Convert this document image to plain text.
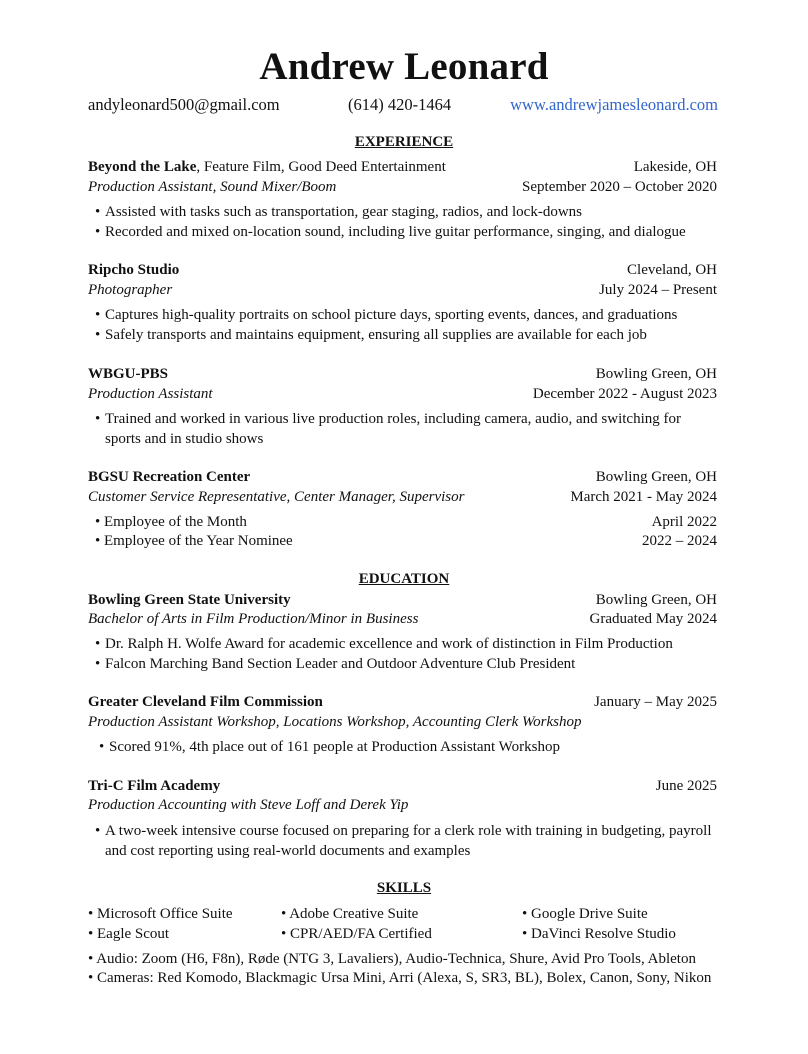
Andrew Leonard
andyleonard500@gmail.com	(614) 420-1464	www.andrewjamesleonard.com
EXPERIENCE
Beyond the Lake, Feature Film, Good Deed Entertainment	Lakeside, OH
Production Assistant, Sound Mixer/Boom	September 2020 – October 2020
• Assisted with tasks such as transportation, gear staging, radios, and lock-downs
• Recorded and mixed on-location sound, including live guitar performance, singing, and dialogue
Ripcho Studio	Cleveland, OH
Photographer	July 2024 – Present
• Captures high-quality portraits on school picture days, sporting events, dances, and graduations
• Safely transports and maintains equipment, ensuring all supplies are available for each job
WBGU-PBS	Bowling Green, OH
Production Assistant	December 2022 - August 2023
• Trained and worked in various live production roles, including camera, audio, and switching for sports and in studio shows
BGSU Recreation Center	Bowling Green, OH
Customer Service Representative, Center Manager, Supervisor	March 2021 - May 2024
• Employee of the Month	April 2022
• Employee of the Year Nominee	2022 – 2024
EDUCATION
Bowling Green State University	Bowling Green, OH
Bachelor of Arts in Film Production/Minor in Business	Graduated May 2024
• Dr. Ralph H. Wolfe Award for academic excellence and work of distinction in Film Production
• Falcon Marching Band Section Leader and Outdoor Adventure Club President
Greater Cleveland Film Commission	January – May 2025
Production Assistant Workshop, Locations Workshop, Accounting Clerk Workshop
• Scored 91%, 4th place out of 161 people at Production Assistant Workshop
Tri-C Film Academy	June 2025
Production Accounting with Steve Loff and Derek Yip
• A two-week intensive course focused on preparing for a clerk role with training in budgeting, payroll and cost reporting using real-world documents and examples
SKILLS
• Microsoft Office Suite	• Adobe Creative Suite	• Google Drive Suite
• Eagle Scout	• CPR/AED/FA Certified	• DaVinci Resolve Studio
• Audio: Zoom (H6, F8n), Røde (NTG 3, Lavaliers), Audio-Technica, Shure, Avid Pro Tools, Ableton
• Cameras: Red Komodo, Blackmagic Ursa Mini, Arri (Alexa, S, SR3, BL), Bolex, Canon, Sony, Nikon
